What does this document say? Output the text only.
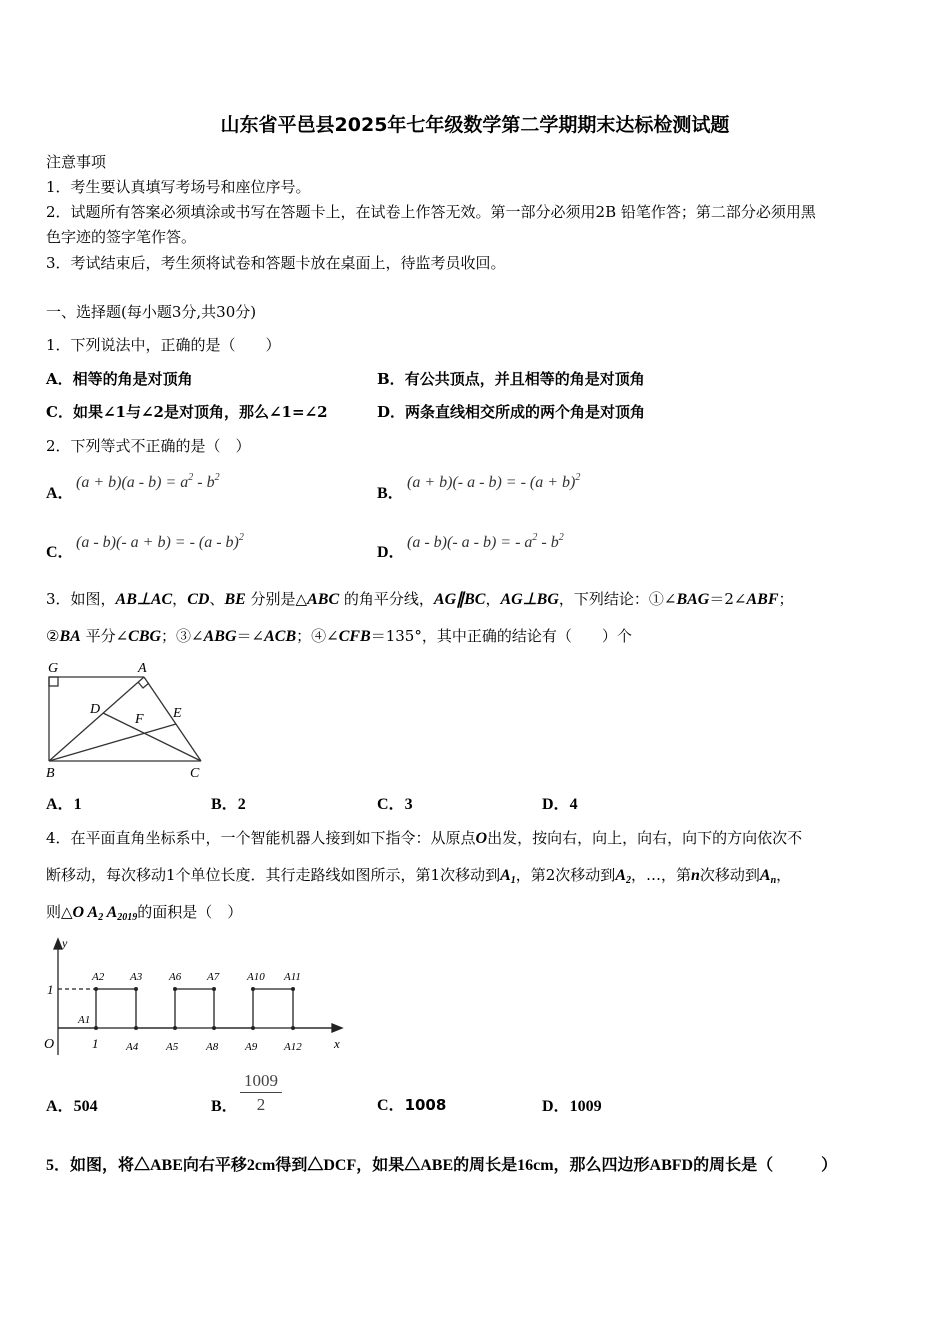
山东省平邑县2025年七年级数学第二学期期末达标检测试题
注意事项
1．考生要认真填写考场号和座位序号。
2．试题所有答案必须填涂或书写在答题卡上，在试卷上作答无效。第一部分必须用2B 铅笔作答；第二部分必须用黑
色字迹的签字笔作答。
3．考试结束后，考生须将试卷和答题卡放在桌面上，待监考员收回。
一、选择题(每小题3分,共30分)
1．下列说法中，正确的是（　　）
A．相等的角是对顶角	B．有公共顶点，并且相等的角是对顶角
C．如果∠1与∠2是对顶角，那么∠1=∠2	D．两条直线相交所成的两个角是对顶角
2．下列等式不正确的是（　）
A．
$(a + b)(a - b) = a^2 - b^2$
B．
(a + b)(- a - b) = - $(a + b)^2$
C．
(a - b)(- a + b) = - (a - b)$^2$
D．
(a - b)(- a - b) = - $a^2 - b^2$
3．如图，AB⊥AC，CD、BE 分别是△ABC 的角平分线，AG∥BC，AG⊥BG，下列结论：①∠BAG＝2∠ABF；
②BA 平分∠CBG；③∠ABG＝∠ACB；④∠CFB＝135°，其中正确的结论有（　　）个
G	A
D
F E
B	C
A．1	B．2	C．3	D．4
4．在平面直角坐标系中，一个智能机器人接到如下指令：从原点O出发，按向右，向上，向右，向下的方向依次不
断移动，每次移动1个单位长度．其行走路线如图所示，第1次移动到$A_1$，第2次移动到$A_2$，…，第n次移动到$A_n$，
则△O $A_2$ $A_{2019}$的面积是（　）
y
x
O
1
1
A1
A2 A3
A4	A5
A6 A7
A8 A9
A10 A11
A12
A．504	B． $\frac{1009}{2}$	C．1008	D．1009
5．如图，将△ABE向右平移2cm得到△DCF，如果△ABE的周长是16cm，那么四边形ABFD的周长是（　　　）
